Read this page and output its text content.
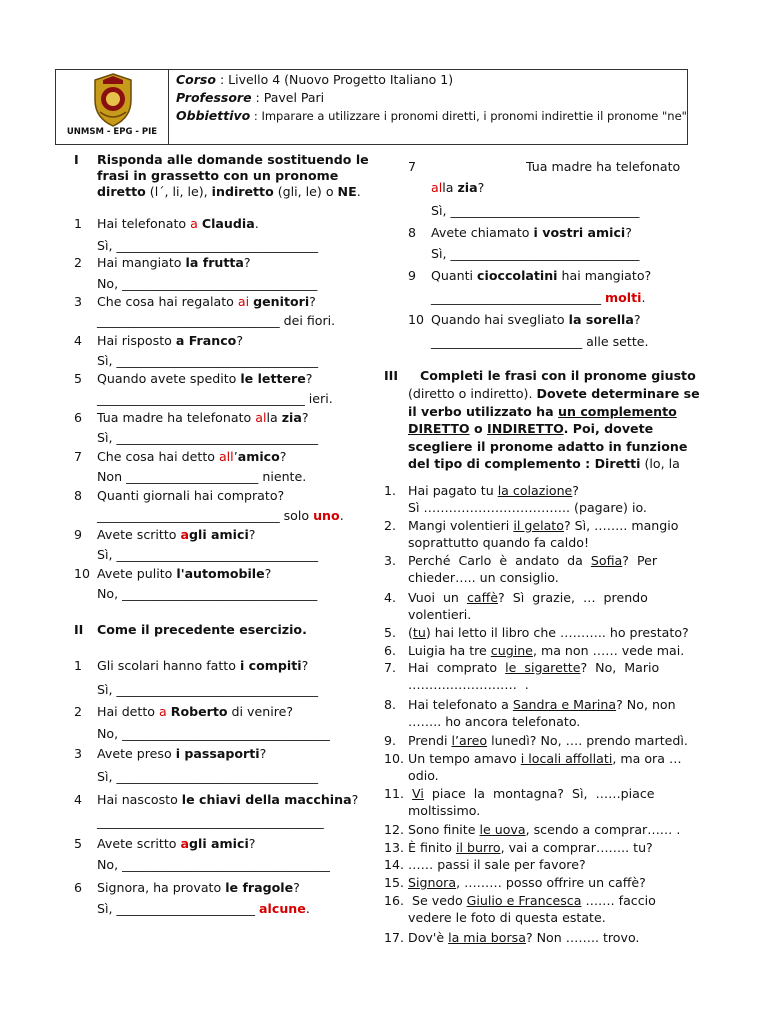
UNMSM - EPG - PIE
Corso : Livello 4 (Nuovo Progetto Italiano 1)
Professore : Pavel Pari
Obbiettivo : Imparare a utilizzare i pronomi diretti, i pronomi indirettie il pronome "ne"
I Risponda alle domande sostituendo le
frasi in grassetto con un pronome
diretto (l´, li, le), indiretto (gli, le) o NE.
1 Hai telefonato a Claudia.
Sì, ________________________________
2 Hai mangiato la frutta?
No, _______________________________
3 Che cosa hai regalato ai genitori?
_____________________________ dei fiori.
4 Hai risposto a Franco?
Sì, ________________________________
5 Quando avete spedito le lettere?
_________________________________ ieri.
6 Tua madre ha telefonato alla zia?
Sì, ________________________________
7 Che cosa hai detto all’amico?
Non _____________________ niente.
8 Quanti giornali hai comprato?
_____________________________ solo uno.
9 Avete scritto agli amici?
Sì, ________________________________
10 Avete pulito l'automobile?
No, _______________________________
II Come il precedente esercizio.
1 Gli scolari hanno fatto i compiti?
Sì, ________________________________
2 Hai detto a Roberto di venire?
No, _________________________________
3 Avete preso i passaporti?
Sì, ________________________________
4 Hai nascosto le chiavi della macchina?
____________________________________
5 Avete scritto agli amici?
No, _________________________________
6 Signora, ha provato le fragole?
Sì, ______________________ alcune.
7	Tua madre ha telefonato
alla zia?
Sì, ______________________________
8 Avete chiamato i vostri amici?
Sì, ______________________________
9 Quanti cioccolatini hai mangiato?
___________________________ molti.
10 Quando hai svegliato la sorella?
________________________ alle sette.
III Completi le frasi con il pronome giusto
(diretto o indiretto). Dovete determinare se
il verbo utilizzato ha un complemento
DIRETTO o INDIRETTO. Poi, dovete
scegliere il pronome adatto in funzione
del tipo di complemento : Diretti (lo, la
1. Hai pagato tu la colazione?
Sì …………………………….. (pagare) io.
2. Mangi volentieri il gelato? Sì, …….. mangio
soprattutto quando fa caldo!
3. Perché  Carlo  è  andato  da  Sofia?  Per
chieder….. un consiglio.
4. Vuoi  un  caffè?  Sì  grazie,  …  prendo
volentieri.
5. (tu) hai letto il libro che ……….. ho prestato?
6. Luigia ha tre cugine, ma non …… vede mai.
7. Hai  comprato  le  sigarette?  No,  Mario
……….…………….  .
8. Hai telefonato a Sandra e Marina? No, non
…….. ho ancora telefonato.
9. Prendi l’areo lunedì? No, …. prendo martedì.
10. Un tempo amavo i locali affollati, ma ora …
odio.
11. Vi  piace  la  montagna?  Sì,  ……piace
moltissimo.
12. Sono finite le uova, scendo a comprar…… .
13. È finito il burro, vai a comprar…….. tu?
14. …… passi il sale per favore?
15. Signora, ……… posso offrire un caffè?
16. Se vedo Giulio e Francesca ……. faccio
vedere le foto di questa estate.
17. Dov'è la mia borsa? Non …….. trovo.
